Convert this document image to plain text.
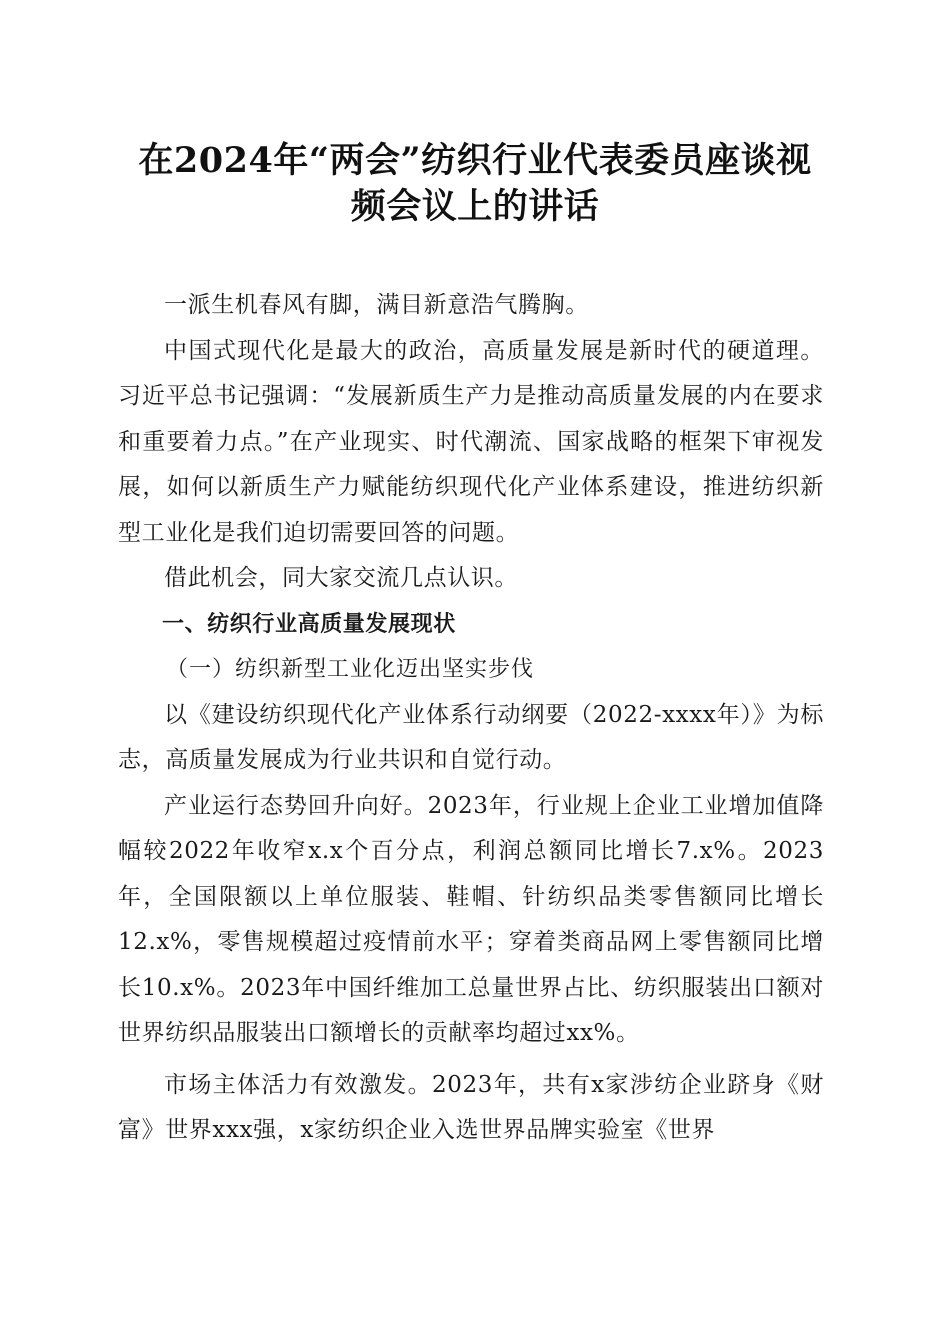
在2024年“两会”纺织行业代表委员座谈视
频会议上的讲话

一派生机春风有脚，满目新意浩气腾胸。

中国式现代化是最大的政治，高质量发展是新时代的硬道理。习近平总书记强调：“发展新质生产力是推动高质量发展的内在要求和重要着力点。”在产业现实、时代潮流、国家战略的框架下审视发展，如何以新质生产力赋能纺织现代化产业体系建设，推进纺织新型工业化是我们迫切需要回答的问题。

借此机会，同大家交流几点认识。

一、纺织行业高质量发展现状

（一）纺织新型工业化迈出坚实步伐

以《建设纺织现代化产业体系行动纲要（2022-xxxx年）》为标志，高质量发展成为行业共识和自觉行动。

产业运行态势回升向好。2023年，行业规上企业工业增加值降幅较2022年收窄x.x个百分点，利润总额同比增长7.x%。2023年，全国限额以上单位服装、鞋帽、针纺织品类零售额同比增长12.x%，零售规模超过疫情前水平；穿着类商品网上零售额同比增长10.x%。2023年中国纤维加工总量世界占比、纺织服装出口额对世界纺织品服装出口额增长的贡献率均超过xx%。

市场主体活力有效激发。2023年，共有x家涉纺企业跻身《财富》世界xxx强，x家纺织企业入选世界品牌实验室《世界
